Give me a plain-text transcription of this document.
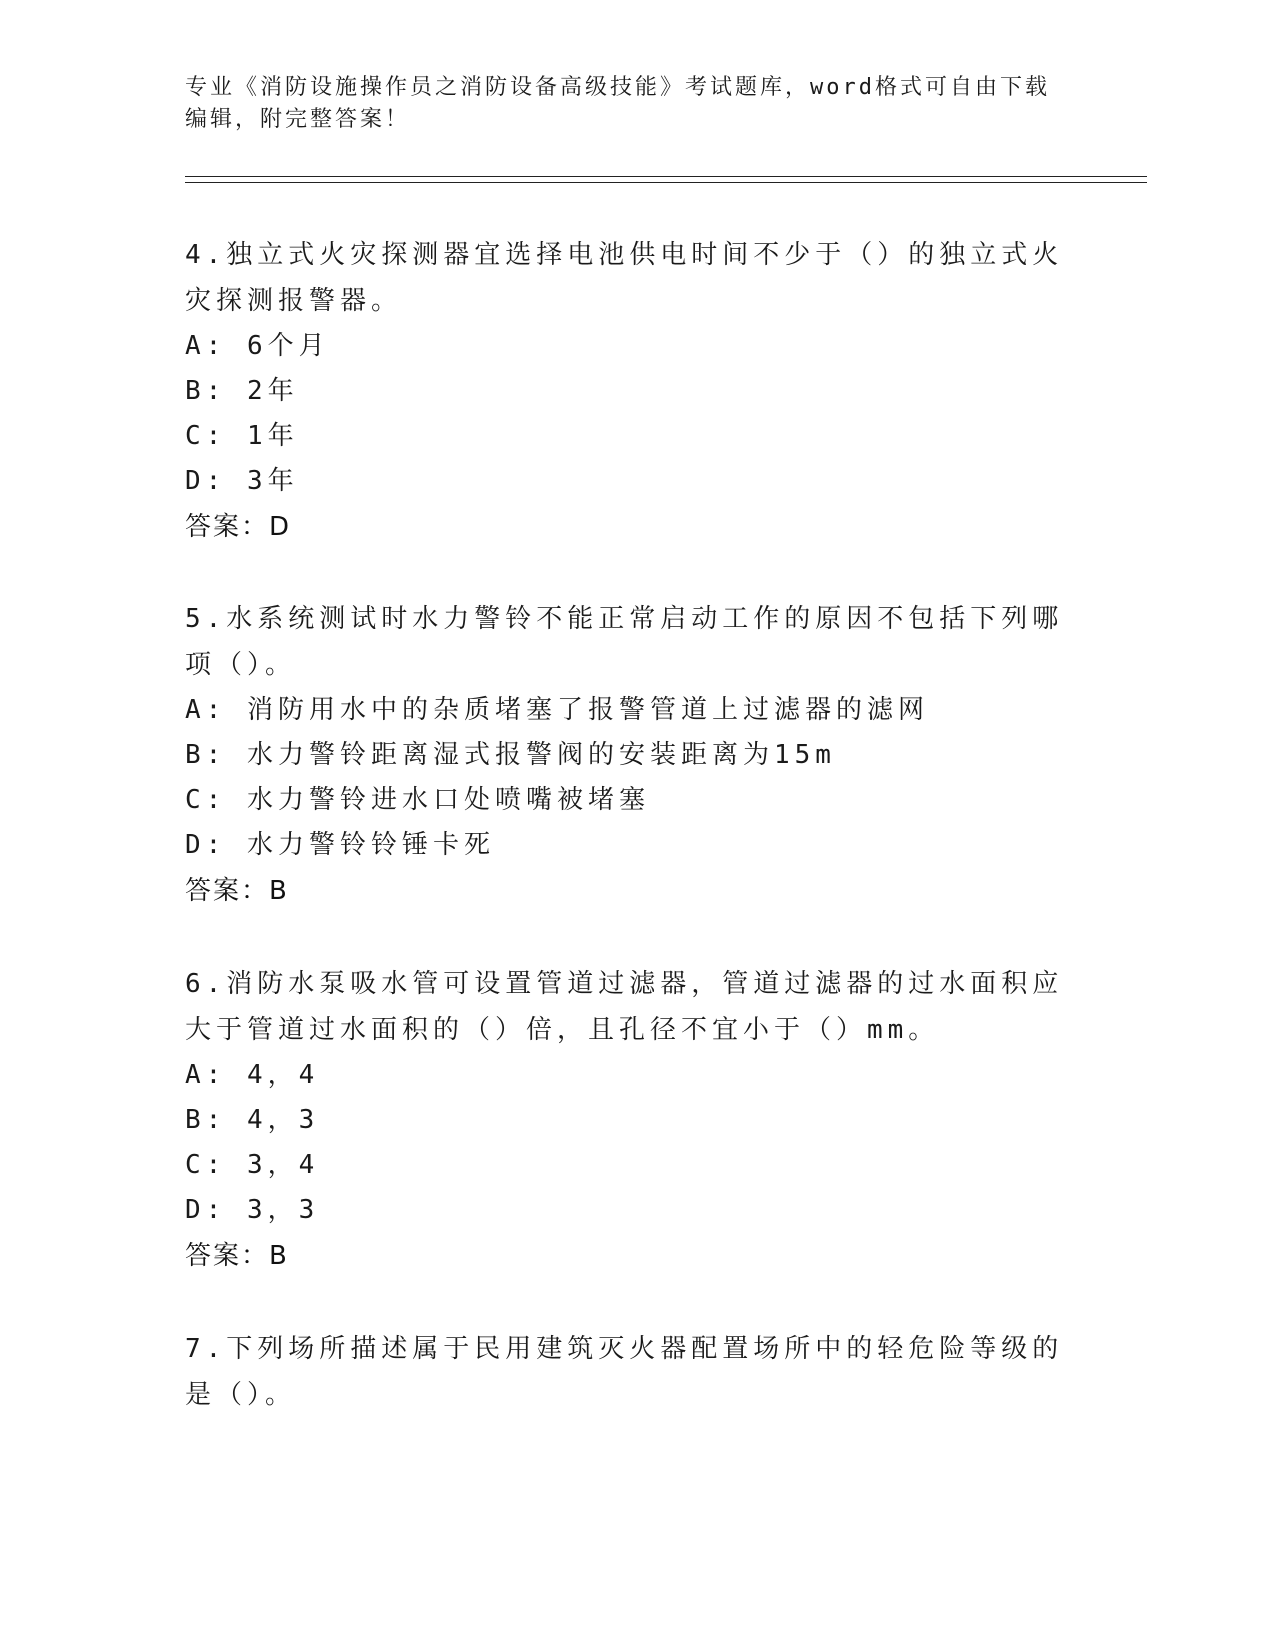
专业《消防设施操作员之消防设备高级技能》考试题库，word格式可自由下载编辑，附完整答案！

4.独立式火灾探测器宜选择电池供电时间不少于（）的独立式火灾探测报警器。

A: 6个月

B: 2年

C: 1年

D: 3年

答案：D

5.水系统测试时水力警铃不能正常启动工作的原因不包括下列哪项（）。

A: 消防用水中的杂质堵塞了报警管道上过滤器的滤网

B: 水力警铃距离湿式报警阀的安装距离为15m

C: 水力警铃进水口处喷嘴被堵塞

D: 水力警铃铃锤卡死

答案：B

6.消防水泵吸水管可设置管道过滤器，管道过滤器的过水面积应大于管道过水面积的（）倍，且孔径不宜小于（）mm。

A: 4，4

B: 4，3

C: 3，4

D: 3，3

答案：B

7.下列场所描述属于民用建筑灭火器配置场所中的轻危险等级的是（）。
